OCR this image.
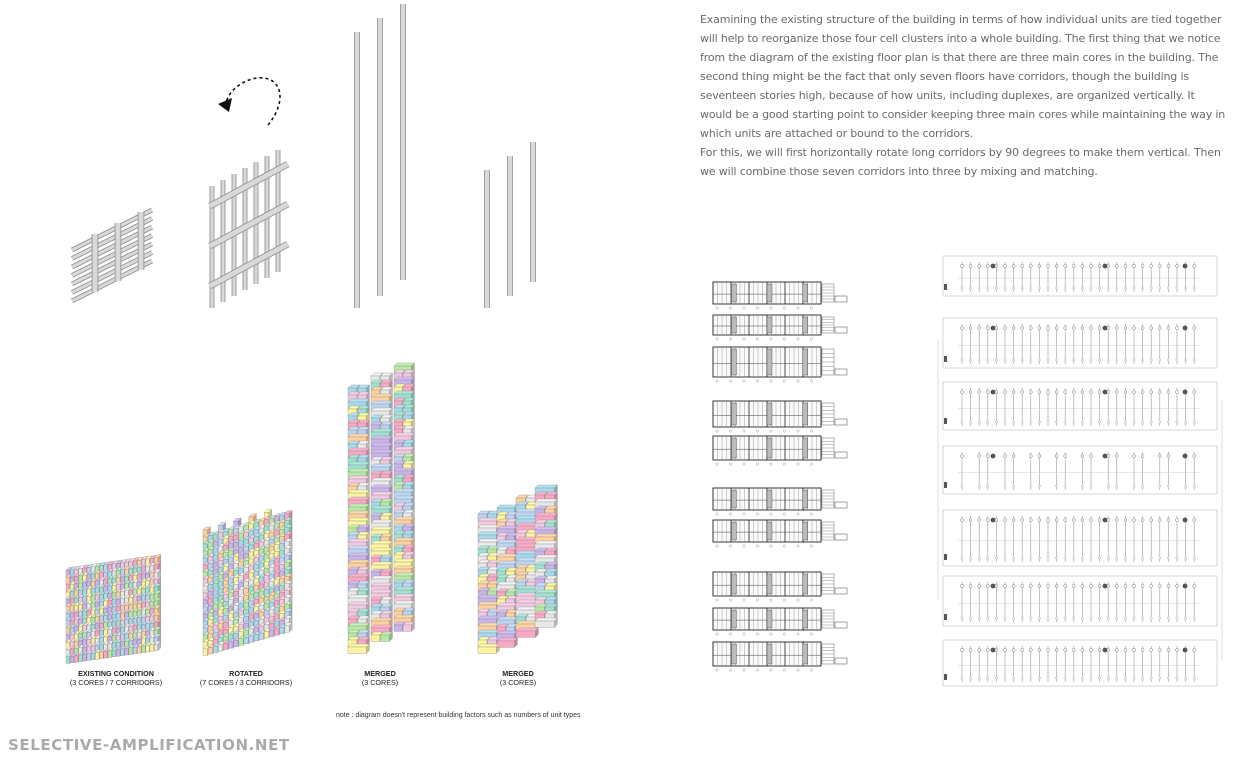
Examining the existing structure of the building in terms of how individual units are tied together will help to reorganize those four cell clusters into a whole building. The first thing that we notice from the diagram of the existing floor plan is that there are three main cores in the building. The second thing might be the fact that only seven floors have corridors, though the building is seventeen stories high, because of how units, including duplexes, are organized vertically. It would be a good starting point to consider keeping three main cores while maintaining the way in which units are attached or bound to the corridors.

For this, we will first horizontally rotate long corridors by 90 degrees to make them vertical. Then we will combine those seven corridors into three by mixing and matching.

EXISTING CONDITION
(3 CORES / 7 CORRIDORS)
ROTATED
(7 CORES / 3 CORRIDORS)
MERGED
(3 CORES)
MERGED
(3 CORES)
note : diagram doesn't represent building factors such as numbers of unit types
SELECTIVE-AMPLIFICATION.NET
